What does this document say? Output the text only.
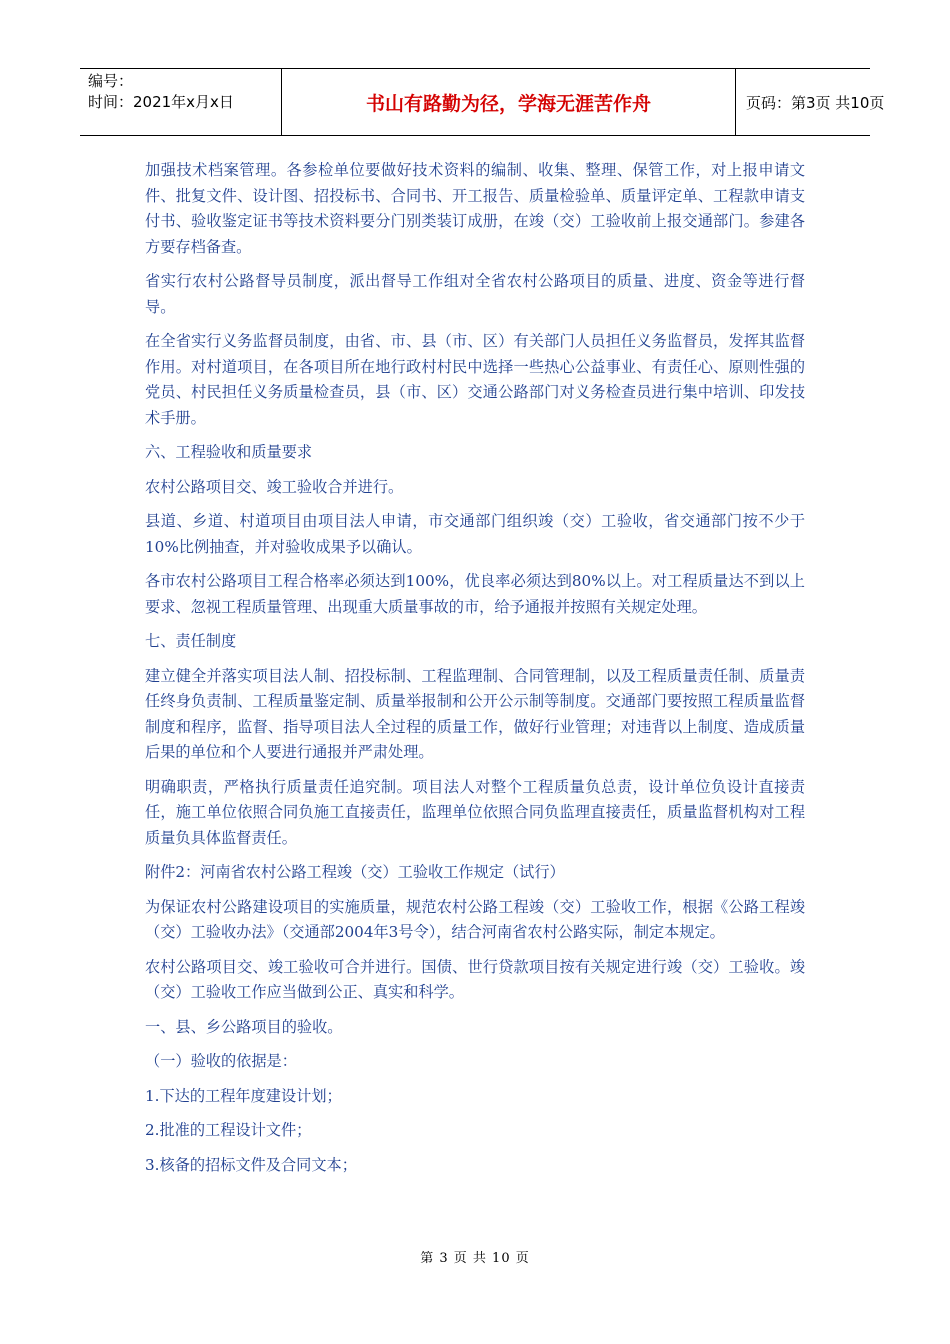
编号：
时间：2021年x月x日	书山有路勤为径，学海无涯苦作舟	页码：第3页 共10页

加强技术档案管理。各参检单位要做好技术资料的编制、收集、整理、保管工作，对上报申请文件、批复文件、设计图、招投标书、合同书、开工报告、质量检验单、质量评定单、工程款申请支付书、验收鉴定证书等技术资料要分门别类装订成册，在竣（交）工验收前上报交通部门。参建各方要存档备查。

省实行农村公路督导员制度，派出督导工作组对全省农村公路项目的质量、进度、资金等进行督导。

在全省实行义务监督员制度，由省、市、县（市、区）有关部门人员担任义务监督员，发挥其监督作用。对村道项目，在各项目所在地行政村村民中选择一些热心公益事业、有责任心、原则性强的党员、村民担任义务质量检查员，县（市、区）交通公路部门对义务检查员进行集中培训、印发技术手册。

六、工程验收和质量要求

农村公路项目交、竣工验收合并进行。

县道、乡道、村道项目由项目法人申请，市交通部门组织竣（交）工验收，省交通部门按不少于10%比例抽查，并对验收成果予以确认。

各市农村公路项目工程合格率必须达到100%，优良率必须达到80%以上。对工程质量达不到以上要求、忽视工程质量管理、出现重大质量事故的市，给予通报并按照有关规定处理。

七、责任制度

建立健全并落实项目法人制、招投标制、工程监理制、合同管理制，以及工程质量责任制、质量责任终身负责制、工程质量鉴定制、质量举报制和公开公示制等制度。交通部门要按照工程质量监督制度和程序，监督、指导项目法人全过程的质量工作，做好行业管理；对违背以上制度、造成质量后果的单位和个人要进行通报并严肃处理。

明确职责，严格执行质量责任追究制。项目法人对整个工程质量负总责，设计单位负设计直接责任，施工单位依照合同负施工直接责任，监理单位依照合同负监理直接责任，质量监督机构对工程质量负具体监督责任。

附件2：河南省农村公路工程竣（交）工验收工作规定（试行）

为保证农村公路建设项目的实施质量，规范农村公路工程竣（交）工验收工作，根据《公路工程竣（交）工验收办法》（交通部2004年3号令），结合河南省农村公路实际，制定本规定。

农村公路项目交、竣工验收可合并进行。国债、世行贷款项目按有关规定进行竣（交）工验收。竣（交）工验收工作应当做到公正、真实和科学。

一、县、乡公路项目的验收。

（一）验收的依据是：

1.下达的工程年度建设计划；

2.批准的工程设计文件；

3.核备的招标文件及合同文本；

第 3 页 共 10 页
